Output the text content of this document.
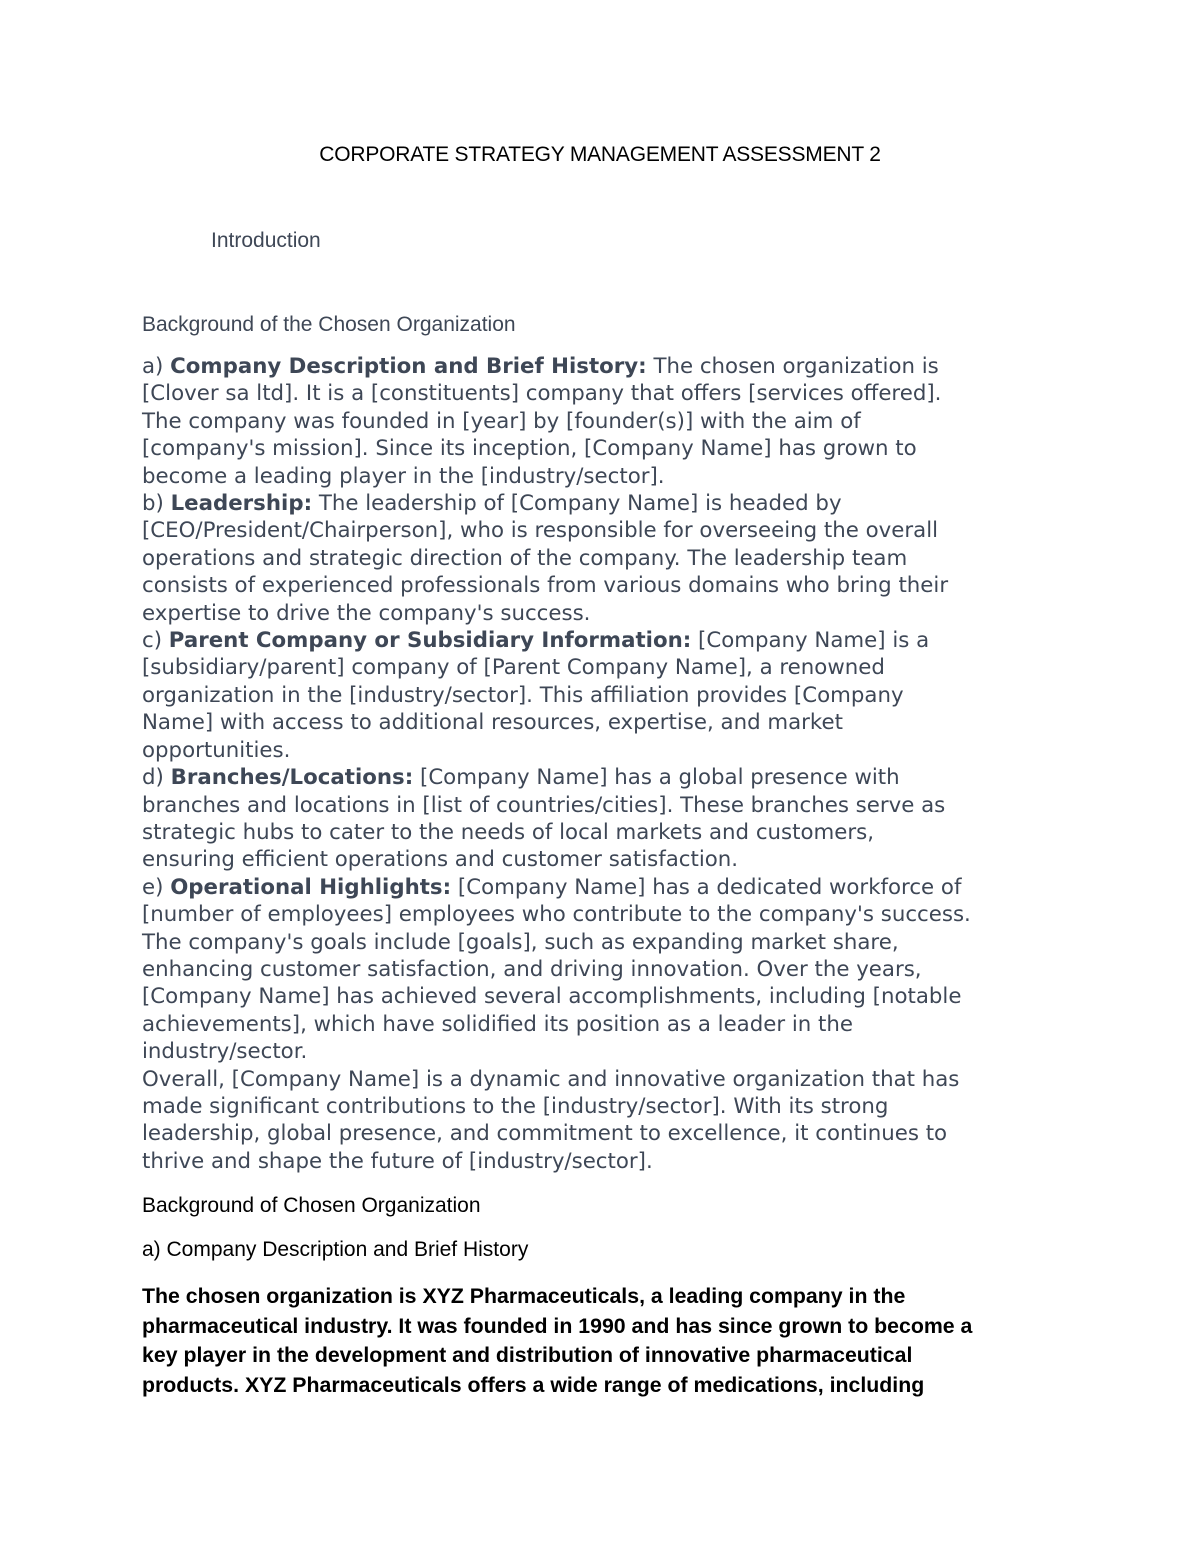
CORPORATE STRATEGY MANAGEMENT ASSESSMENT 2
Introduction
Background of the Chosen Organization
a) Company Description and Brief History: The chosen organization is
[Clover sa ltd]. It is a [constituents] company that offers [services offered].
The company was founded in [year] by [founder(s)] with the aim of
[company's mission]. Since its inception, [Company Name] has grown to
become a leading player in the [industry/sector].
b) Leadership: The leadership of [Company Name] is headed by
[CEO/President/Chairperson], who is responsible for overseeing the overall
operations and strategic direction of the company. The leadership team
consists of experienced professionals from various domains who bring their
expertise to drive the company's success.
c) Parent Company or Subsidiary Information: [Company Name] is a
[subsidiary/parent] company of [Parent Company Name], a renowned
organization in the [industry/sector]. This affiliation provides [Company
Name] with access to additional resources, expertise, and market
opportunities.
d) Branches/Locations: [Company Name] has a global presence with
branches and locations in [list of countries/cities]. These branches serve as
strategic hubs to cater to the needs of local markets and customers,
ensuring efficient operations and customer satisfaction.
e) Operational Highlights: [Company Name] has a dedicated workforce of
[number of employees] employees who contribute to the company's success.
The company's goals include [goals], such as expanding market share,
enhancing customer satisfaction, and driving innovation. Over the years,
[Company Name] has achieved several accomplishments, including [notable
achievements], which have solidified its position as a leader in the
industry/sector.
Overall, [Company Name] is a dynamic and innovative organization that has
made significant contributions to the [industry/sector]. With its strong
leadership, global presence, and commitment to excellence, it continues to
thrive and shape the future of [industry/sector].
Background of Chosen Organization
a) Company Description and Brief History
The chosen organization is XYZ Pharmaceuticals, a leading company in the
pharmaceutical industry. It was founded in 1990 and has since grown to become a
key player in the development and distribution of innovative pharmaceutical
products. XYZ Pharmaceuticals offers a wide range of medications, including
